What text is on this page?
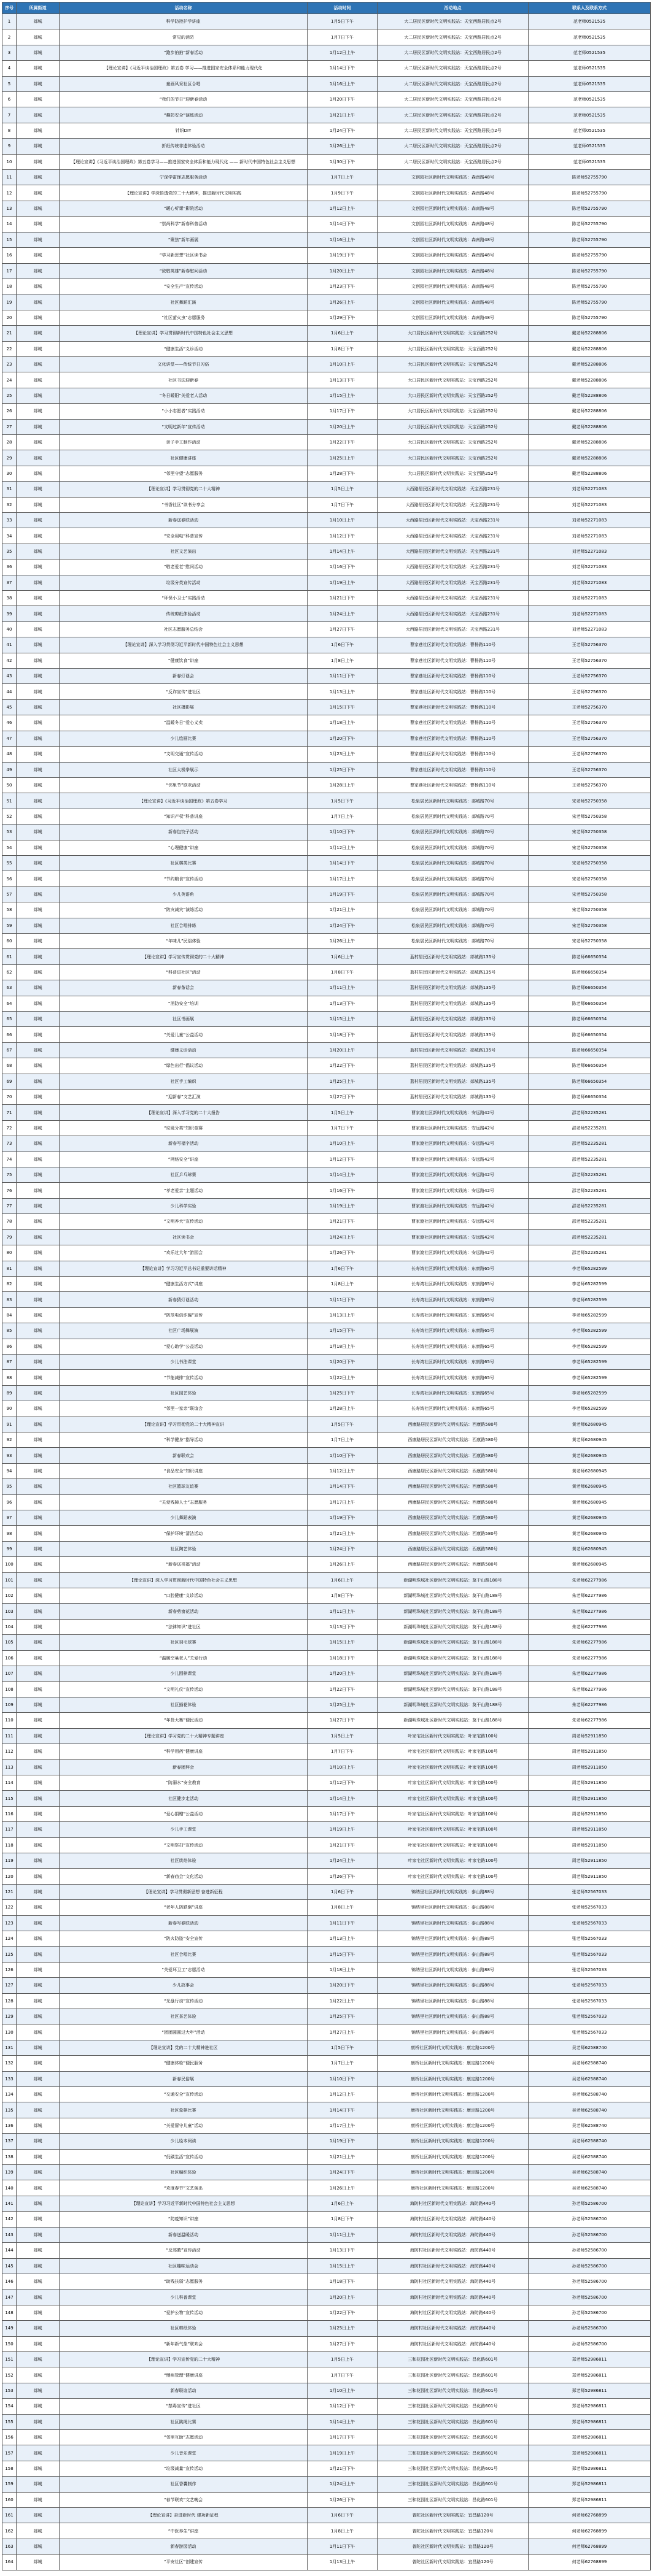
序号	所属街道	活动名称	活动时间	活动地点	联系人及联系方式
1	郯城	科学防控护学讲座	1月5日下午	大二居民区新时代文明实践站：天宝西路居民点2号	范老师0521535
2	郯城	常见的消防	1月7日下午	大二居民区新时代文明实践站：天宝西路居民点2号	范老师0521535
3	郯城	“跑步拍拍”新春活动	1月12日上午	大二居民区新时代文明实践站：天宝西路居民点2号	范老师0521535
4	郯城	【理论宣讲】《习近平谈治国理政》第五卷 学习——推进国家安全体系和能力现代化	1月14日下午	大二居民区新时代文明实践站：天宝西路居民点2号	范老师0521535
5	郯城	童画风采社区合唱	1月16日上午	大二居民区新时代文明实践站：天宝西路居民点2号	范老师0521535
6	郯城	“我们的节日”迎新春活动	1月20日下午	大二居民区新时代文明实践站：天宝西路居民点2号	范老师0521535
7	郯城	“趣防安全”演练活动	1月21日上午	大二居民区新时代文明实践站：天宝西路居民点2号	范老师0521535
8	郯城	针织DIY	1月24日下午	大二居民区新时代文明实践站：天宝西路居民点2号	范老师0521535
9	郯城	折纸传统非遗体验活动	1月26日上午	大二居民区新时代文明实践站：天宝西路居民点2号	范老师0521535
10	郯城	【理论宣讲】《习近平谈治国理政》第五卷学习——推进国家安全体系和能力现代化 —— 新时代中国特色社会主义思想	1月30日下午	大二居民区新时代文明实践站：天宝西路居民点2号	范老师0521535
11	郯城	宁深学雷锋志愿服务活动	1月7日上午	文创园社区新时代文明实践站：森南路48号	陈老师52755790
12	郯城	【理论宣讲】学深悟透党的二十大精神，推进新时代文明实践	1月9日下午	文创园社区新时代文明实践站：森南路48号	陈老师52755790
13	郯城	“暖心听课”影院活动	1月12日上午	文创园社区新时代文明实践站：森南路48号	陈老师52755790
14	郯城	“崇尚科学”新春科普活动	1月14日下午	文创园社区新时代文明实践站：森南路48号	陈老师52755790
15	郯城	“聚焦”新年画展	1月16日上午	文创园社区新时代文明实践站：森南路48号	陈老师52755790
16	郯城	“学习新思想”社区读书会	1月19日下午	文创园社区新时代文明实践站：森南路48号	陈老师52755790
17	郯城	“致敬英雄”新春慰问活动	1月20日上午	文创园社区新时代文明实践站：森南路48号	陈老师52755790
18	郯城	“安全生产”宣传活动	1月23日下午	文创园社区新时代文明实践站：森南路48号	陈老师52755790
19	郯城	社区舞蹈汇演	1月26日上午	文创园社区新时代文明实践站：森南路48号	陈老师52755790
20	郯城	“社区萤火虫”志愿服务	1月29日下午	文创园社区新时代文明实践站：森南路48号	陈老师52755790
21	郯城	【理论宣讲】学习贯彻新时代中国特色社会主义思想	1月6日上午	大口居民区新时代文明实践站：天宝西路252号	戴老师52288806
22	郯城	“健康生活”义诊活动	1月8日下午	大口居民区新时代文明实践站：天宝西路252号	戴老师52288806
23	郯城	文化讲堂——传统节日习俗	1月10日上午	大口居民区新时代文明实践站：天宝西路252号	戴老师52288806
24	郯城	社区书法迎新春	1月13日下午	大口居民区新时代文明实践站：天宝西路252号	戴老师52288806
25	郯城	“冬日暖阳”关爱老人活动	1月15日上午	大口居民区新时代文明实践站：天宝西路252号	戴老师52288806
26	郯城	“小小志愿者”实践活动	1月17日下午	大口居民区新时代文明实践站：天宝西路252号	戴老师52288806
27	郯城	“文明过新年”宣传活动	1月20日上午	大口居民区新时代文明实践站：天宝西路252号	戴老师52288806
28	郯城	亲子手工制作活动	1月22日下午	大口居民区新时代文明实践站：天宝西路252号	戴老师52288806
29	郯城	社区健康讲座	1月25日上午	大口居民区新时代文明实践站：天宝西路252号	戴老师52288806
30	郯城	“邻里守望”志愿服务	1月28日下午	大口居民区新时代文明实践站：天宝西路252号	戴老师52288806
31	郯城	【理论宣讲】学习贯彻党的二十大精神	1月5日上午	大西路居民区新时代文明实践站：天宝西路231号	刘老师52271083
32	郯城	“书香社区”读书分享会	1月7日下午	大西路居民区新时代文明实践站：天宝西路231号	刘老师52271083
33	郯城	新春送春联活动	1月10日上午	大西路居民区新时代文明实践站：天宝西路231号	刘老师52271083
34	郯城	“安全用电”科普宣传	1月12日下午	大西路居民区新时代文明实践站：天宝西路231号	刘老师52271083
35	郯城	社区文艺演出	1月14日上午	大西路居民区新时代文明实践站：天宝西路231号	刘老师52271083
36	郯城	“敬老爱老”慰问活动	1月16日下午	大西路居民区新时代文明实践站：天宝西路231号	刘老师52271083
37	郯城	垃圾分类宣传活动	1月19日上午	大西路居民区新时代文明实践站：天宝西路231号	刘老师52271083
38	郯城	“环保小卫士”实践活动	1月21日下午	大西路居民区新时代文明实践站：天宝西路231号	刘老师52271083
39	郯城	传统剪纸体验活动	1月24日上午	大西路居民区新时代文明实践站：天宝西路231号	刘老师52271083
40	郯城	社区志愿服务总结会	1月27日下午	大西路居民区新时代文明实践站：天宝西路231号	刘老师52271083
41	郯城	【理论宣讲】深入学习贯彻习近平新时代中国特色社会主义思想	1月6日下午	曹家巷社区新时代文明实践站：曹杨路110号	王老师52756370
42	郯城	“健康饮食”讲座	1月8日上午	曹家巷社区新时代文明实践站：曹杨路110号	王老师52756370
43	郯城	新春灯谜会	1月11日下午	曹家巷社区新时代文明实践站：曹杨路110号	王老师52756370
44	郯城	“反诈宣传”进社区	1月13日上午	曹家巷社区新时代文明实践站：曹杨路110号	王老师52756370
45	郯城	社区摄影展	1月15日下午	曹家巷社区新时代文明实践站：曹杨路110号	王老师52756370
46	郯城	“温暖冬日”爱心义卖	1月18日上午	曹家巷社区新时代文明实践站：曹杨路110号	王老师52756370
47	郯城	少儿绘画比赛	1月20日下午	曹家巷社区新时代文明实践站：曹杨路110号	王老师52756370
48	郯城	“文明交通”宣传活动	1月23日上午	曹家巷社区新时代文明实践站：曹杨路110号	王老师52756370
49	郯城	社区太极拳展示	1月25日下午	曹家巷社区新时代文明实践站：曹杨路110号	王老师52756370
50	郯城	“邻里节”联欢活动	1月28日上午	曹家巷社区新时代文明实践站：曹杨路110号	王老师52756370
51	郯城	【理论宣讲】《习近平谈治国理政》第五卷学习	1月5日下午	松泉居民区新时代文明实践站：郯城路70号	宋老师52750358
52	郯城	“知识产权”科普讲座	1月7日上午	松泉居民区新时代文明实践站：郯城路70号	宋老师52750358
53	郯城	新春包饺子活动	1月10日下午	松泉居民区新时代文明实践站：郯城路70号	宋老师52750358
54	郯城	“心理健康”讲座	1月12日上午	松泉居民区新时代文明实践站：郯城路70号	宋老师52750358
55	郯城	社区棋类比赛	1月14日下午	松泉居民区新时代文明实践站：郯城路70号	宋老师52750358
56	郯城	“节约粮食”宣传活动	1月17日上午	松泉居民区新时代文明实践站：郯城路70号	宋老师52750358
57	郯城	少儿英语角	1月19日下午	松泉居民区新时代文明实践站：郯城路70号	宋老师52750358
58	郯城	“防灾减灾”演练活动	1月21日上午	松泉居民区新时代文明实践站：郯城路70号	宋老师52750358
59	郯城	社区合唱排练	1月24日下午	松泉居民区新时代文明实践站：郯城路70号	宋老师52750358
60	郯城	“年味儿”民俗体验	1月26日上午	松泉居民区新时代文明实践站：郯城路70号	宋老师52750358
61	郯城	【理论宣讲】学习宣传贯彻党的二十大精神	1月6日上午	蓝村居民区新时代文明实践站：郯城路135号	陈老师66650354
62	郯城	“科普进社区”活动	1月8日下午	蓝村居民区新时代文明实践站：郯城路135号	陈老师66650354
63	郯城	新春茶话会	1月11日上午	蓝村居民区新时代文明实践站：郯城路135号	陈老师66650354
64	郯城	“消防安全”培训	1月13日下午	蓝村居民区新时代文明实践站：郯城路135号	陈老师66650354
65	郯城	社区书画展	1月15日上午	蓝村居民区新时代文明实践站：郯城路135号	陈老师66650354
66	郯城	“关爱儿童”公益活动	1月18日下午	蓝村居民区新时代文明实践站：郯城路135号	陈老师66650354
67	郯城	健康义诊活动	1月20日上午	蓝村居民区新时代文明实践站：郯城路135号	陈老师66650354
68	郯城	“绿色出行”倡议活动	1月22日下午	蓝村居民区新时代文明实践站：郯城路135号	陈老师66650354
69	郯城	社区手工编织	1月25日上午	蓝村居民区新时代文明实践站：郯城路135号	陈老师66650354
70	郯城	“迎新春”文艺汇演	1月27日下午	蓝村居民区新时代文明实践站：郯城路135号	陈老师66650354
71	郯城	【理论宣讲】深入学习党的二十大报告	1月5日上午	曹家渡社区新时代文明实践站：安远路42号	邵老师52235281
72	郯城	“垃圾分类”知识竞赛	1月7日下午	曹家渡社区新时代文明实践站：安远路42号	邵老师52235281
73	郯城	新春写福字活动	1月10日上午	曹家渡社区新时代文明实践站：安远路42号	邵老师52235281
74	郯城	“网络安全”讲座	1月12日下午	曹家渡社区新时代文明实践站：安远路42号	邵老师52235281
75	郯城	社区乒乓球赛	1月14日上午	曹家渡社区新时代文明实践站：安远路42号	邵老师52235281
76	郯城	“孝老爱亲”主题活动	1月16日下午	曹家渡社区新时代文明实践站：安远路42号	邵老师52235281
77	郯城	少儿科学实验	1月19日上午	曹家渡社区新时代文明实践站：安远路42号	邵老师52235281
78	郯城	“文明养犬”宣传活动	1月21日下午	曹家渡社区新时代文明实践站：安远路42号	邵老师52235281
79	郯城	社区读书会	1月24日上午	曹家渡社区新时代文明实践站：安远路42号	邵老师52235281
80	郯城	“欢乐过大年”游园会	1月26日下午	曹家渡社区新时代文明实践站：安远路42号	邵老师52235281
81	郯城	【理论宣讲】学习习近平总书记重要讲话精神	1月6日下午	长寿湾社区新时代文明实践站：东康路65号	李老师65282599
82	郯城	“健康生活方式”讲座	1月8日上午	长寿湾社区新时代文明实践站：东康路65号	李老师65282599
83	郯城	新春猜灯谜活动	1月11日下午	长寿湾社区新时代文明实践站：东康路65号	李老师65282599
84	郯城	“防范电信诈骗”宣传	1月13日上午	长寿湾社区新时代文明实践站：东康路65号	李老师65282599
85	郯城	社区广场舞展演	1月15日下午	长寿湾社区新时代文明实践站：东康路65号	李老师65282599
86	郯城	“爱心助学”公益活动	1月18日上午	长寿湾社区新时代文明实践站：东康路65号	李老师65282599
87	郯城	少儿书法课堂	1月20日下午	长寿湾社区新时代文明实践站：东康路65号	李老师65282599
88	郯城	“节能减排”宣传活动	1月22日上午	长寿湾社区新时代文明实践站：东康路65号	李老师65282599
89	郯城	社区园艺体验	1月25日下午	长寿湾社区新时代文明实践站：东康路65号	李老师65282599
90	郯城	“邻里一家亲”联谊会	1月28日上午	长寿湾社区新时代文明实践站：东康路65号	李老师65282599
91	郯城	【理论宣讲】学习贯彻党的二十大精神宣讲	1月5日下午	西康路居民区新时代文明实践站：西康路580号	黄老师62680945
92	郯城	“科学健身”指导活动	1月7日上午	西康路居民区新时代文明实践站：西康路580号	黄老师62680945
93	郯城	新春联欢会	1月10日下午	西康路居民区新时代文明实践站：西康路580号	黄老师62680945
94	郯城	“食品安全”知识讲座	1月12日上午	西康路居民区新时代文明实践站：西康路580号	黄老师62680945
95	郯城	社区篮球友谊赛	1月14日下午	西康路居民区新时代文明实践站：西康路580号	黄老师62680945
96	郯城	“关爱残障人士”志愿服务	1月17日上午	西康路居民区新时代文明实践站：西康路580号	黄老师62680945
97	郯城	少儿舞蹈表演	1月19日下午	西康路居民区新时代文明实践站：西康路580号	黄老师62680945
98	郯城	“保护环境”清洁活动	1月21日上午	西康路居民区新时代文明实践站：西康路580号	黄老师62680945
99	郯城	社区陶艺体验	1月24日下午	西康路居民区新时代文明实践站：西康路580号	黄老师62680945
100	郯城	“新春送祝福”活动	1月26日上午	西康路居民区新时代文明实践站：西康路580号	黄老师62680945
101	郯城	【理论宣讲】深入学习贯彻新时代中国特色社会主义思想	1月6日上午	新湖明珠城社区新时代文明实践站：莫干山路188号	朱老师62277986
102	郯城	“口腔健康”义诊活动	1月8日下午	新湖明珠城社区新时代文明实践站：莫干山路188号	朱老师62277986
103	郯城	新春剪窗花活动	1月11日上午	新湖明珠城社区新时代文明实践站：莫干山路188号	朱老师62277986
104	郯城	“法律知识”进社区	1月13日下午	新湖明珠城社区新时代文明实践站：莫干山路188号	朱老师62277986
105	郯城	社区羽毛球赛	1月15日上午	新湖明珠城社区新时代文明实践站：莫干山路188号	朱老师62277986
106	郯城	“温暖空巢老人”关爱行动	1月18日下午	新湖明珠城社区新时代文明实践站：莫干山路188号	朱老师62277986
107	郯城	少儿围棋课堂	1月20日上午	新湖明珠城社区新时代文明实践站：莫干山路188号	朱老师62277986
108	郯城	“文明礼仪”宣传活动	1月22日下午	新湖明珠城社区新时代文明实践站：莫干山路188号	朱老师62277986
109	郯城	社区插花体验	1月25日上午	新湖明珠城社区新时代文明实践站：莫干山路188号	朱老师62277986
110	郯城	“年货大集”便民活动	1月27日下午	新湖明珠城社区新时代文明实践站：莫干山路188号	朱老师62277986
111	郯城	【理论宣讲】学习党的二十大精神专题讲座	1月5日上午	叶家宅社区新时代文明实践站：叶家宅路100号	周老师52911850
112	郯城	“科学用药”健康讲座	1月7日下午	叶家宅社区新时代文明实践站：叶家宅路100号	周老师52911850
113	郯城	新春团拜会	1月10日上午	叶家宅社区新时代文明实践站：叶家宅路100号	周老师52911850
114	郯城	“防溺水”安全教育	1月12日下午	叶家宅社区新时代文明实践站：叶家宅路100号	周老师52911850
115	郯城	社区健步走活动	1月14日上午	叶家宅社区新时代文明实践站：叶家宅路100号	周老师52911850
116	郯城	“爱心捐赠”公益活动	1月17日下午	叶家宅社区新时代文明实践站：叶家宅路100号	周老师52911850
117	郯城	少儿手工课堂	1月19日上午	叶家宅社区新时代文明实践站：叶家宅路100号	周老师52911850
118	郯城	“文明祭扫”宣传活动	1月21日下午	叶家宅社区新时代文明实践站：叶家宅路100号	周老师52911850
119	郯城	社区烘焙体验	1月24日上午	叶家宅社区新时代文明实践站：叶家宅路100号	周老师52911850
120	郯城	“新春庙会”文化活动	1月26日下午	叶家宅社区新时代文明实践站：叶家宅路100号	周老师52911850
121	郯城	【理论宣讲】学习贯彻新思想 奋进新征程	1月6日下午	锦绣里社区新时代文明实践站：泰山路88号	张老师52567033
122	郯城	“老年人防跌倒”讲座	1月8日上午	锦绣里社区新时代文明实践站：泰山路88号	张老师52567033
123	郯城	新春写春联活动	1月11日下午	锦绣里社区新时代文明实践站：泰山路88号	张老师52567033
124	郯城	“防火防盗”安全宣传	1月13日上午	锦绣里社区新时代文明实践站：泰山路88号	张老师52567033
125	郯城	社区合唱比赛	1月15日下午	锦绣里社区新时代文明实践站：泰山路88号	张老师52567033
126	郯城	“关爱环卫工”志愿活动	1月18日上午	锦绣里社区新时代文明实践站：泰山路88号	张老师52567033
127	郯城	少儿故事会	1月20日下午	锦绣里社区新时代文明实践站：泰山路88号	张老师52567033
128	郯城	“光盘行动”宣传活动	1月22日上午	锦绣里社区新时代文明实践站：泰山路88号	张老师52567033
129	郯城	社区茶艺体验	1月25日下午	锦绣里社区新时代文明实践站：泰山路88号	张老师52567033
130	郯城	“团团圆圆过大年”活动	1月27日上午	锦绣里社区新时代文明实践站：泰山路88号	张老师52567033
131	郯城	【理论宣讲】党的二十大精神进社区	1月5日下午	康桥社区新时代文明实践站：康定路1200号	吴老师62588740
132	郯城	“健康体检”便民服务	1月7日上午	康桥社区新时代文明实践站：康定路1200号	吴老师62588740
133	郯城	新春民俗展	1月10日下午	康桥社区新时代文明实践站：康定路1200号	吴老师62588740
134	郯城	“交通安全”宣传活动	1月12日上午	康桥社区新时代文明实践站：康定路1200号	吴老师62588740
135	郯城	社区象棋比赛	1月14日下午	康桥社区新时代文明实践站：康定路1200号	吴老师62588740
136	郯城	“关爱留守儿童”活动	1月17日上午	康桥社区新时代文明实践站：康定路1200号	吴老师62588740
137	郯城	少儿绘本阅读	1月19日下午	康桥社区新时代文明实践站：康定路1200号	吴老师62588740
138	郯城	“低碳生活”宣传活动	1月21日上午	康桥社区新时代文明实践站：康定路1200号	吴老师62588740
139	郯城	社区编织体验	1月24日下午	康桥社区新时代文明实践站：康定路1200号	吴老师62588740
140	郯城	“欢度春节”文艺演出	1月26日上午	康桥社区新时代文明实践站：康定路1200号	吴老师62588740
141	郯城	【理论宣讲】学习习近平新时代中国特色社会主义思想	1月6日上午	海防村社区新时代文明实践站：海防路440号	孙老师52586700
142	郯城	“防疫知识”讲座	1月8日下午	海防村社区新时代文明实践站：海防路440号	孙老师52586700
143	郯城	新春送温暖活动	1月11日上午	海防村社区新时代文明实践站：海防路440号	孙老师52586700
144	郯城	“反邪教”宣传活动	1月13日下午	海防村社区新时代文明实践站：海防路440号	孙老师52586700
145	郯城	社区趣味运动会	1月15日上午	海防村社区新时代文明实践站：海防路440号	孙老师52586700
146	郯城	“助残扶弱”志愿服务	1月18日下午	海防村社区新时代文明实践站：海防路440号	孙老师52586700
147	郯城	少儿科普课堂	1月20日上午	海防村社区新时代文明实践站：海防路440号	孙老师52586700
148	郯城	“爱护公物”宣传活动	1月22日下午	海防村社区新时代文明实践站：海防路440号	孙老师52586700
149	郯城	社区剪纸体验	1月25日上午	海防村社区新时代文明实践站：海防路440号	孙老师52586700
150	郯城	“新年新气象”联欢会	1月27日下午	海防村社区新时代文明实践站：海防路440号	孙老师52586700
151	郯城	【理论宣讲】学习宣传党的二十大精神	1月5日上午	三和花园社区新时代文明实践站：昌化路601号	郑老师52986811
152	郯城	“慢病管理”健康讲座	1月7日下午	三和花园社区新时代文明实践站：昌化路601号	郑老师52986811
153	郯城	新春联谊活动	1月10日上午	三和花园社区新时代文明实践站：昌化路601号	郑老师52986811
154	郯城	“禁毒宣传”进社区	1月12日下午	三和花园社区新时代文明实践站：昌化路601号	郑老师52986811
155	郯城	社区跳绳比赛	1月14日上午	三和花园社区新时代文明实践站：昌化路601号	郑老师52986811
156	郯城	“邻里互助”志愿活动	1月17日下午	三和花园社区新时代文明实践站：昌化路601号	郑老师52986811
157	郯城	少儿音乐课堂	1月19日上午	三和花园社区新时代文明实践站：昌化路601号	郑老师52986811
158	郯城	“垃圾减量”宣传活动	1月21日下午	三和花园社区新时代文明实践站：昌化路601号	郑老师52986811
159	郯城	社区香囊制作	1月24日上午	三和花园社区新时代文明实践站：昌化路601号	郑老师52986811
160	郯城	“春节联欢”文艺晚会	1月26日下午	三和花园社区新时代文明实践站：昌化路601号	郑老师52986811
161	郯城	【理论宣讲】奋进新时代 建功新征程	1月6日下午	普陀社区新时代文明实践站：宜昌路120号	何老师62768899
162	郯城	“中医养生”讲座	1月8日上午	普陀社区新时代文明实践站：宜昌路120号	何老师62768899
163	郯城	新春游园活动	1月11日下午	普陀社区新时代文明实践站：宜昌路120号	何老师62768899
164	郯城	“平安社区”创建宣传	1月13日上午	普陀社区新时代文明实践站：宜昌路120号	何老师62768899
